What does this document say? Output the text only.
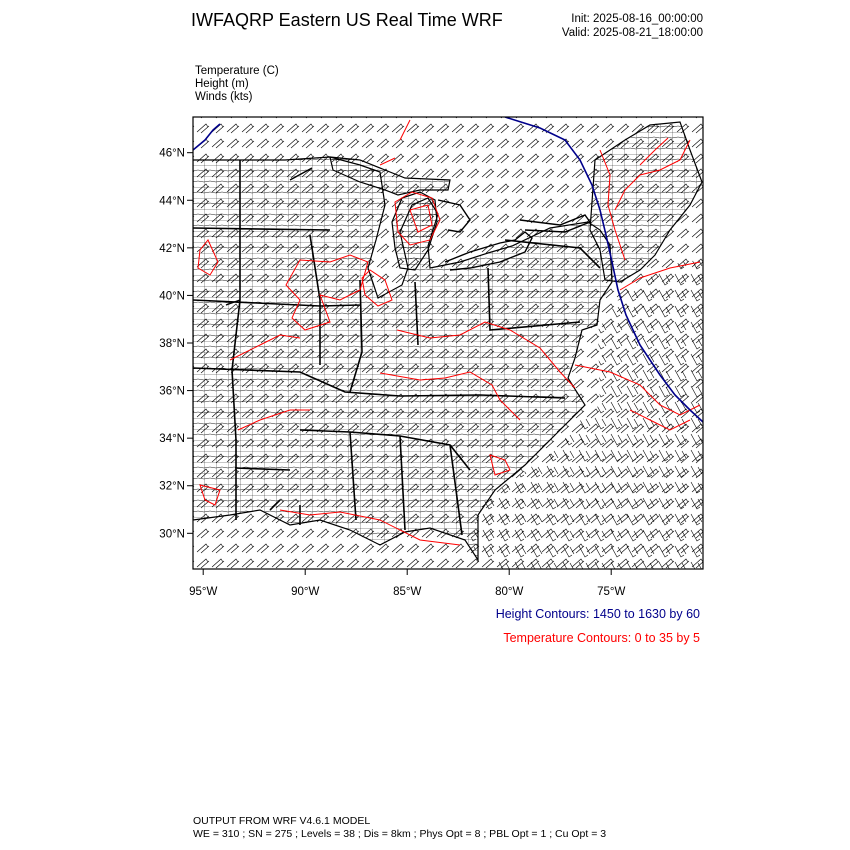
IWFAQRP Eastern US Real Time WRF	Init: 2025-08-16_00:00:00
Valid: 2025-08-21_18:00:00
Temperature (C)
Height (m)
Winds (kts)
46°N
44°N
42°N
40°N
38°N
36°N
34°N
32°N
30°N
95°W	90°W	85°W	80°W	75°W
Height Contours: 1450 to 1630 by 60
Temperature Contours: 0 to 35 by 5
OUTPUT FROM WRF V4.6.1 MODEL
WE = 310 ; SN = 275 ; Levels = 38 ; Dis = 8km ; Phys Opt = 8 ; PBL Opt = 1 ; Cu Opt = 3
